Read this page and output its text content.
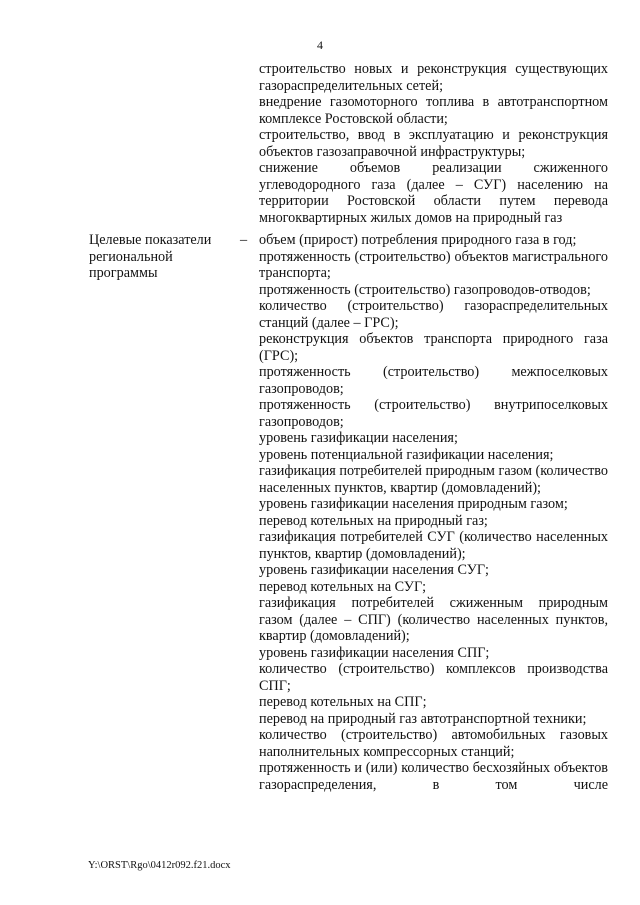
4

строительство новых и реконструкция существующих газораспределительных сетей;

внедрение газомоторного топлива в автотранспортном комплексе Ростовской области;

строительство, ввод в эксплуатацию и реконструкция объектов газозаправочной инфраструктуры;

снижение объемов реализации сжиженного углеводородного газа (далее – СУГ) населению на территории Ростовской области путем перевода многоквартирных жилых домов на природный газ

Целевые показатели региональной программы
– объем (прирост) потребления природного газа в год;

протяженность (строительство) объектов магистрального транспорта;

протяженность (строительство) газопроводов-отводов;

количество (строительство) газораспределительных станций (далее – ГРС);

реконструкция объектов транспорта природного газа (ГРС);

протяженность (строительство) межпоселковых газопроводов;

протяженность (строительство) внутрипоселковых газопроводов;

уровень газификации населения;

уровень потенциальной газификации населения;

газификация потребителей природным газом (количество населенных пунктов, квартир (домовладений);

уровень газификации населения природным газом;

перевод котельных на природный газ;

газификация потребителей СУГ (количество населенных пунктов, квартир (домовладений);

уровень газификации населения СУГ;

перевод котельных на СУГ;

газификация потребителей сжиженным природным газом (далее – СПГ) (количество населенных пунктов, квартир (домовладений);

уровень газификации населения СПГ;

количество (строительство) комплексов производства СПГ;

перевод котельных на СПГ;

перевод на природный газ автотранспортной техники;

количество (строительство) автомобильных газовых наполнительных компрессорных станций;

протяженность и (или) количество бесхозяйных объектов газораспределения, в том числе

Y:\ORST\Rgo\0412r092.f21.docx
